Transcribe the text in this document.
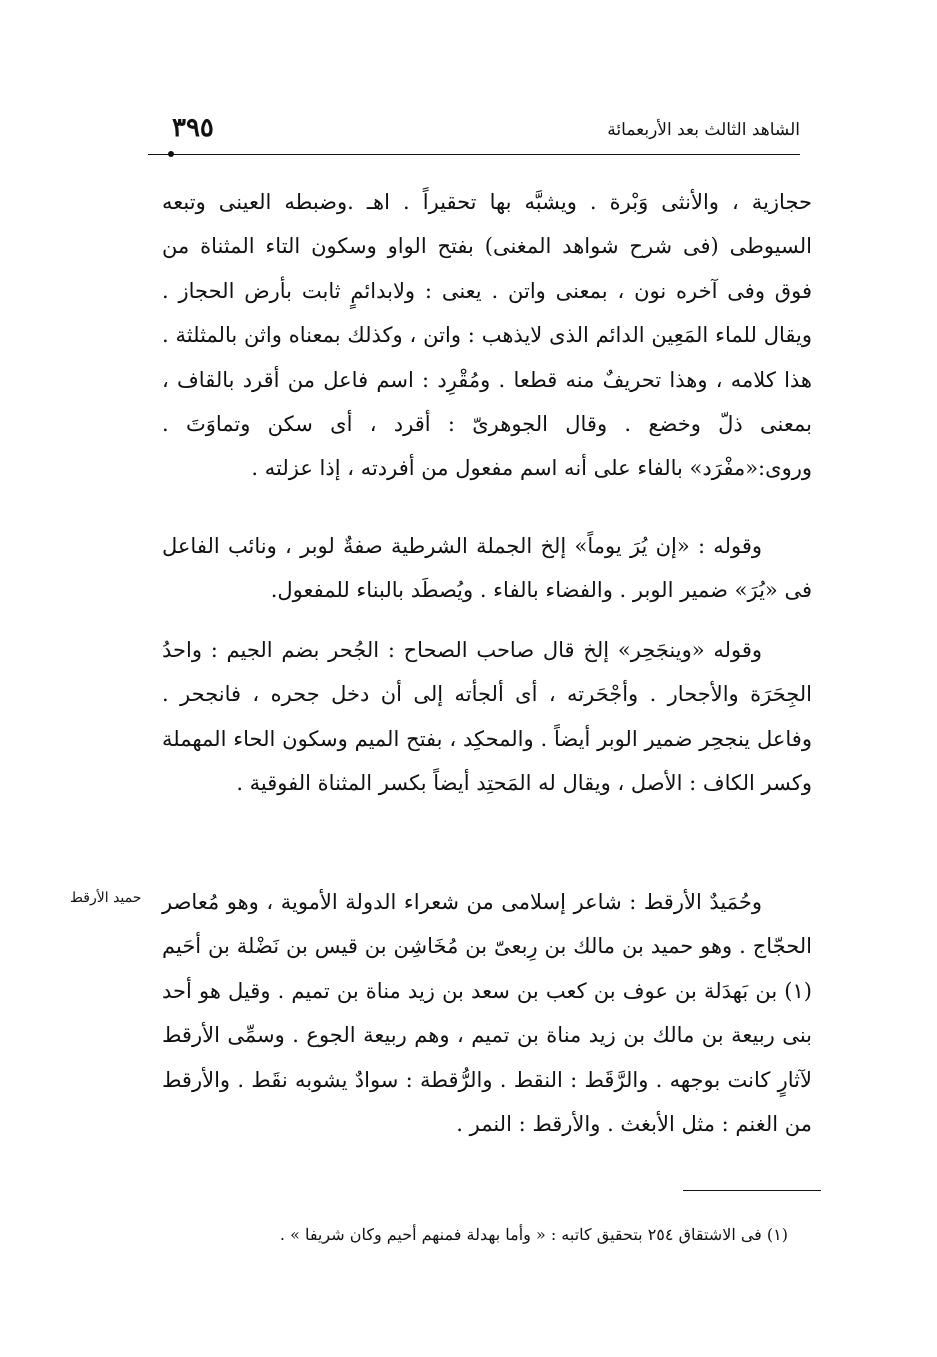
الشاهد الثالث بعد الأربعمائة
٣٩٥

حجازية ، والأنثى وَبْرة . ويشبَّه بها تحقيراً . اهـ .وضبطه العينى وتبعه السيوطى (فى شرح شواهد المغنى) بفتح الواو وسكون التاء المثناة من فوق وفى آخره نون ، بمعنى واتن . يعنى : ولابدائمٍ ثابت بأرض الحجاز . ويقال للماء المَعِين الدائم الذى لايذهب : واتن ، وكذلك بمعناه واثن بالمثلثة . هذا كلامه ، وهذا تحريفٌ منه قطعا . ومُقْرِد : اسم فاعل من أقرد بالقاف ، بمعنى ذلّ وخضع . وقال الجوهرىّ : أقرد ، أى سكن وتماوَتَ . وروى:«مفْرَد» بالفاء على أنه اسم مفعول من أفردته ، إذا عزلته .

وقوله : «إن يُرَ يوماً» إلخ الجملة الشرطية صفةٌ لوبر ، ونائب الفاعل فى «يُرَ» ضمير الوبر . والفضاء بالفاء . ويُصطَد بالبناء للمفعول.

وقوله «وينجَحِر» إلخ قال صاحب الصحاح : الجُحر بضم الجيم : واحدُ الجِحَرَة والأجحار . وأجْحَرته ، أى ألجأته إلى أن دخل جحره ، فانجحر . وفاعل ينجحِر ضمير الوبر أيضاً . والمحكِد ، بفتح الميم وسكون الحاء المهملة وكسر الكاف : الأصل ، ويقال له المَحتِد أيضاً بكسر المثناة الفوقية .

وحُمَيدٌ الأرقط : شاعر إسلامى من شعراء الدولة الأموية ، وهو مُعاصر الحجّاج . وهو حميد بن مالك بن رِبعىّ بن مُخَاشِن بن قيس بن نَضْلة بن أحَيم (١) بن بَهدَلة بن عوف بن كعب بن سعد بن زيد مناة بن تميم . وقيل هو أحد بنى ربيعة بن مالك بن زيد مناة بن تميم ، وهم ربيعة الجوع . وسمِّى الأرقط لآثارٍ كانت بوجهه . والرَّقَط : النقط . والرُّقطة : سوادٌ يشوبه نقَط . والأرقط من الغنم : مثل الأبغث . والأرقط : النمر .

حميد الأرقط

(١) فى الاشتقاق ٢٥٤ بتحقيق كاتبه : « وأما بهدلة فمنهم أحيم وكان شريفا » .
